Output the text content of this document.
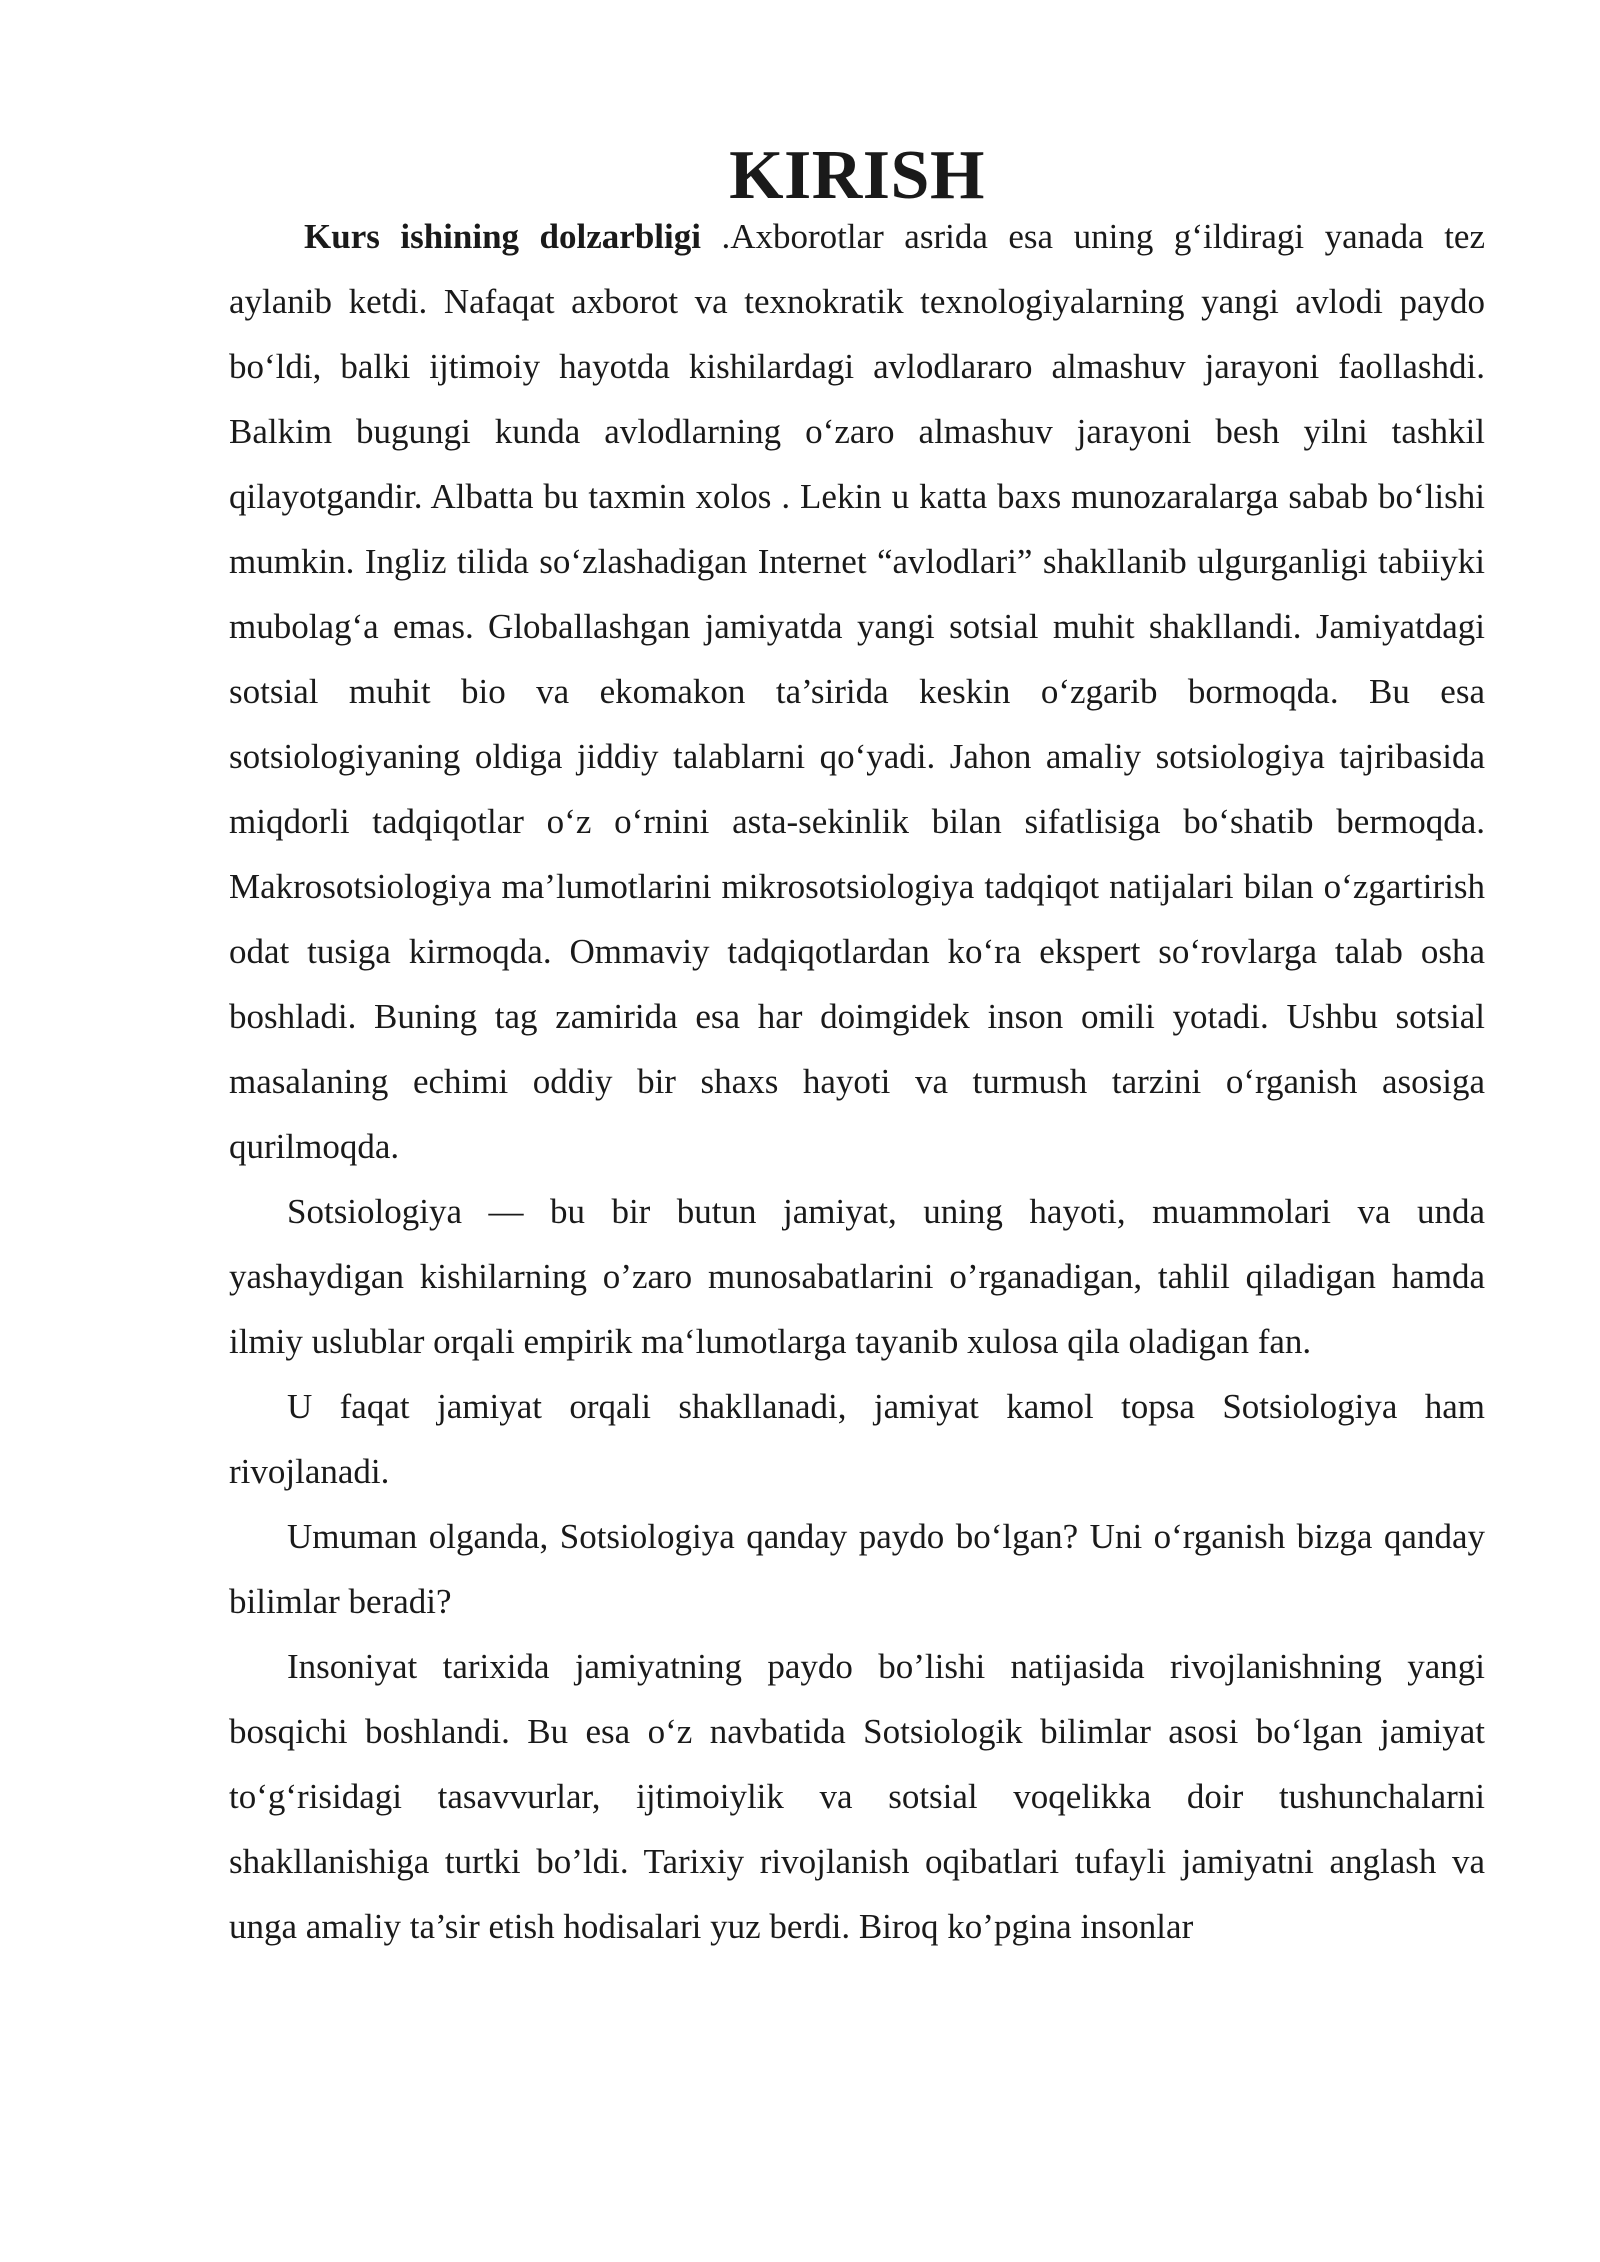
KIRISH

Kurs ishining dolzarbligi .Axborotlar asrida esa uning g‘ildiragi yanada tez aylanib ketdi. Nafaqat axborot va texnokratik texnologiyalarning yangi avlodi paydo bo‘ldi, balki ijtimoiy hayotda kishilardagi avlodlararo almashuv jarayoni faollashdi. Balkim bugungi kunda avlodlarning o‘zaro almashuv jarayoni besh yilni tashkil qilayotgandir. Albatta bu taxmin xolos . Lekin u katta baxs munozaralarga sabab bo‘lishi mumkin. Ingliz tilida so‘zlashadigan Internet “avlodlari” shakllanib ulgurganligi tabiiyki mubolag‘a emas. Globallashgan jamiyatda yangi sotsial muhit shakllandi. Jamiyatdagi sotsial muhit bio va ekomakon ta’sirida keskin o‘zgarib bormoqda. Bu esa sotsiologiyaning oldiga jiddiy talablarni qo‘yadi. Jahon amaliy sotsiologiya tajribasida miqdorli tadqiqotlar o‘z o‘rnini asta-sekinlik bilan sifatlisiga bo‘shatib bermoqda. Makrosotsiologiya ma’lumotlarini mikrosotsiologiya tadqiqot natijalari bilan o‘zgartirish odat tusiga kirmoqda. Ommaviy tadqiqotlardan ko‘ra ekspert so‘rovlarga talab osha boshladi. Buning tag zamirida esa har doimgidek inson omili yotadi. Ushbu sotsial masalaning echimi oddiy bir shaxs hayoti va turmush tarzini o‘rganish asosiga qurilmoqda.

Sotsiologiya — bu bir butun jamiyat, uning hayoti, muammolari va unda yashaydigan kishilarning o’zaro munosabatlarini o’rganadigan, tahlil qiladigan hamda ilmiy uslublar orqali empirik ma‘lumotlarga tayanib xulosa qila oladigan fan.

U faqat jamiyat orqali shakllanadi, jamiyat kamol topsa Sotsiologiya ham rivojlanadi.

Umuman olganda, Sotsiologiya qanday paydo bo‘lgan? Uni o‘rganish bizga qanday bilimlar beradi?

Insoniyat tarixida jamiyatning paydo bo’lishi natijasida rivojlanishning yangi bosqichi boshlandi. Bu esa o‘z navbatida Sotsiologik bilimlar asosi bo‘lgan jamiyat to‘g‘risidagi tasavvurlar, ijtimoiylik va sotsial voqelikka doir tushunchalarni shakllanishiga turtki bo’ldi. Tarixiy rivojlanish oqibatlari tufayli jamiyatni anglash va unga amaliy ta’sir etish hodisalari yuz berdi. Biroq ko’pgina insonlar
